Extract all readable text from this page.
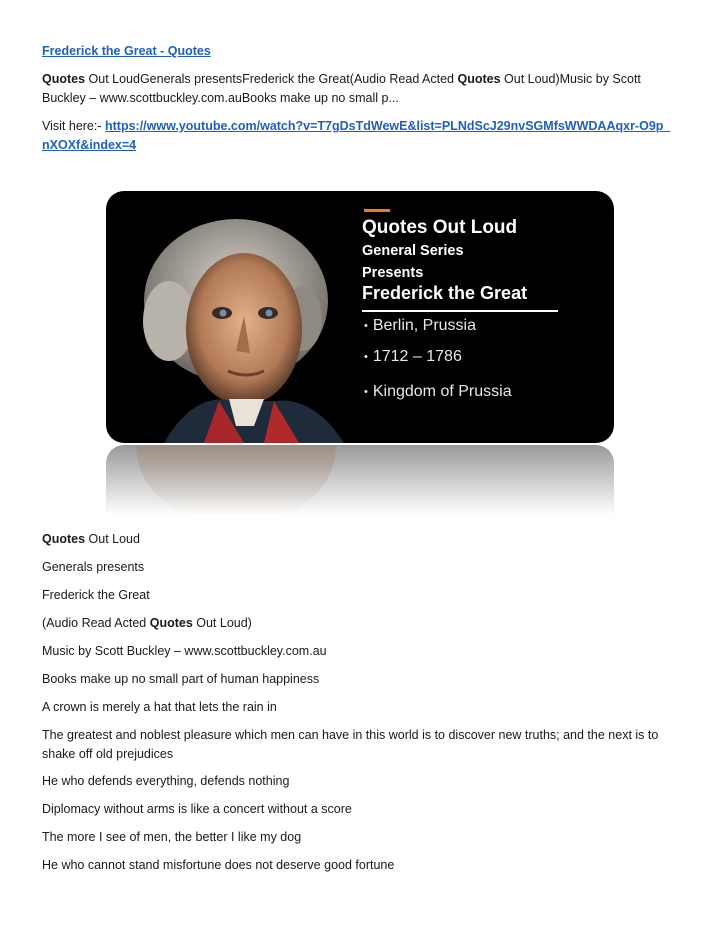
Frederick the Great - Quotes
Quotes Out LoudGenerals presentsFrederick the Great(Audio Read Acted Quotes Out Loud)Music by Scott Buckley – www.scottbuckley.com.auBooks make up no small p...
Visit here:- https://www.youtube.com/watch?v=T7gDsTdWewE&list=PLNdScJ29nvSGMfsWWDAAqxr-O9p_nXOXf&index=4
Quotes Out Loud
General Series
Presents
Frederick the Great
• Berlin, Prussia
• 1712 – 1786
• Kingdom of Prussia
Quotes Out Loud
Generals presents
Frederick the Great
(Audio Read Acted Quotes Out Loud)
Music by Scott Buckley – www.scottbuckley.com.au
Books make up no small part of human happiness
A crown is merely a hat that lets the rain in
The greatest and noblest pleasure which men can have in this world is to discover new truths; and the next is to shake off old prejudices
He who defends everything, defends nothing
Diplomacy without arms is like a concert without a score
The more I see of men, the better I like my dog
He who cannot stand misfortune does not deserve good fortune
